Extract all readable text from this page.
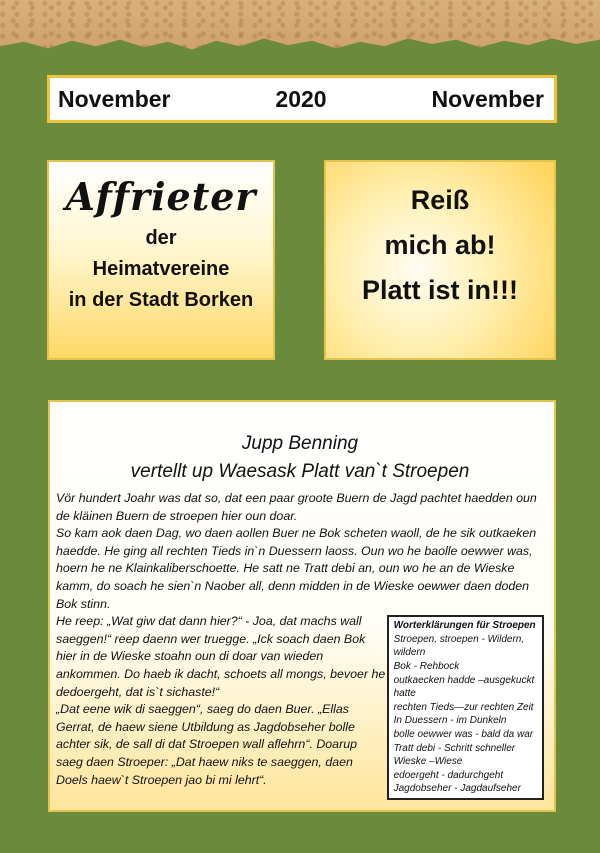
November	2020	November
Affrieter
der
Heimatvereine
in der Stadt Borken
Reiß
mich ab!
Platt ist in!!!
Jupp Benning
vertellt up Waesask Platt van`t Stroepen

Vör hundert Joahr was dat so, dat een paar groote Buern de Jagd pachtet haedden oun de kläinen Buern de stroepen hier oun doar.

So kam aok daen Dag, wo daen aollen Buer ne Bok scheten waoll, de he sik outkaeken haedde. He ging all rechten Tieds in`n Duessern laoss. Oun wo he baolle oewwer was, hoern he ne Klainkaliberschoette. He satt ne Tratt debi an, oun wo he an de Wieske kamm, do soach he sien`n Naober all, denn midden in de Wieske oewwer daen doden Bok stinn.

He reep: „Wat giw dat dann hier?“ - Joa, dat machs wall saeggen!“ reep daenn wer truegge. „Ick soach daen Bok hier in de Wieske stoahn oun di doar van wieden ankommen. Do haeb ik dacht, schoets all mongs, bevoer he dedoergeht, dat is`t sichaste!“

„Dat eene wik di saeggen“, saeg do daen Buer. „Ellas Gerrat, de haew siene Utbildung as Jagdobseher bolle achter sik, de sall di dat Stroepen wall aflehrn“. Doarup saeg daen Stroeper: „Dat haew niks te saeggen, daen Doels haew`t Stroepen jao bi mi lehrt“.

Worterklärungen für Stroepen
Stroepen, stroepen - Wildern, wildern
Bok - Rehbock
outkaecken hadde –ausgekuckt hatte
rechten Tieds—zur rechten Zeit
In Duessern - im Dunkeln
bolle oewwer was - bald da war
Tratt debi - Schritt schneller
Wieske –Wiese
edoergeht - dadurchgeht
Jagdobseher - Jagdaufseher
